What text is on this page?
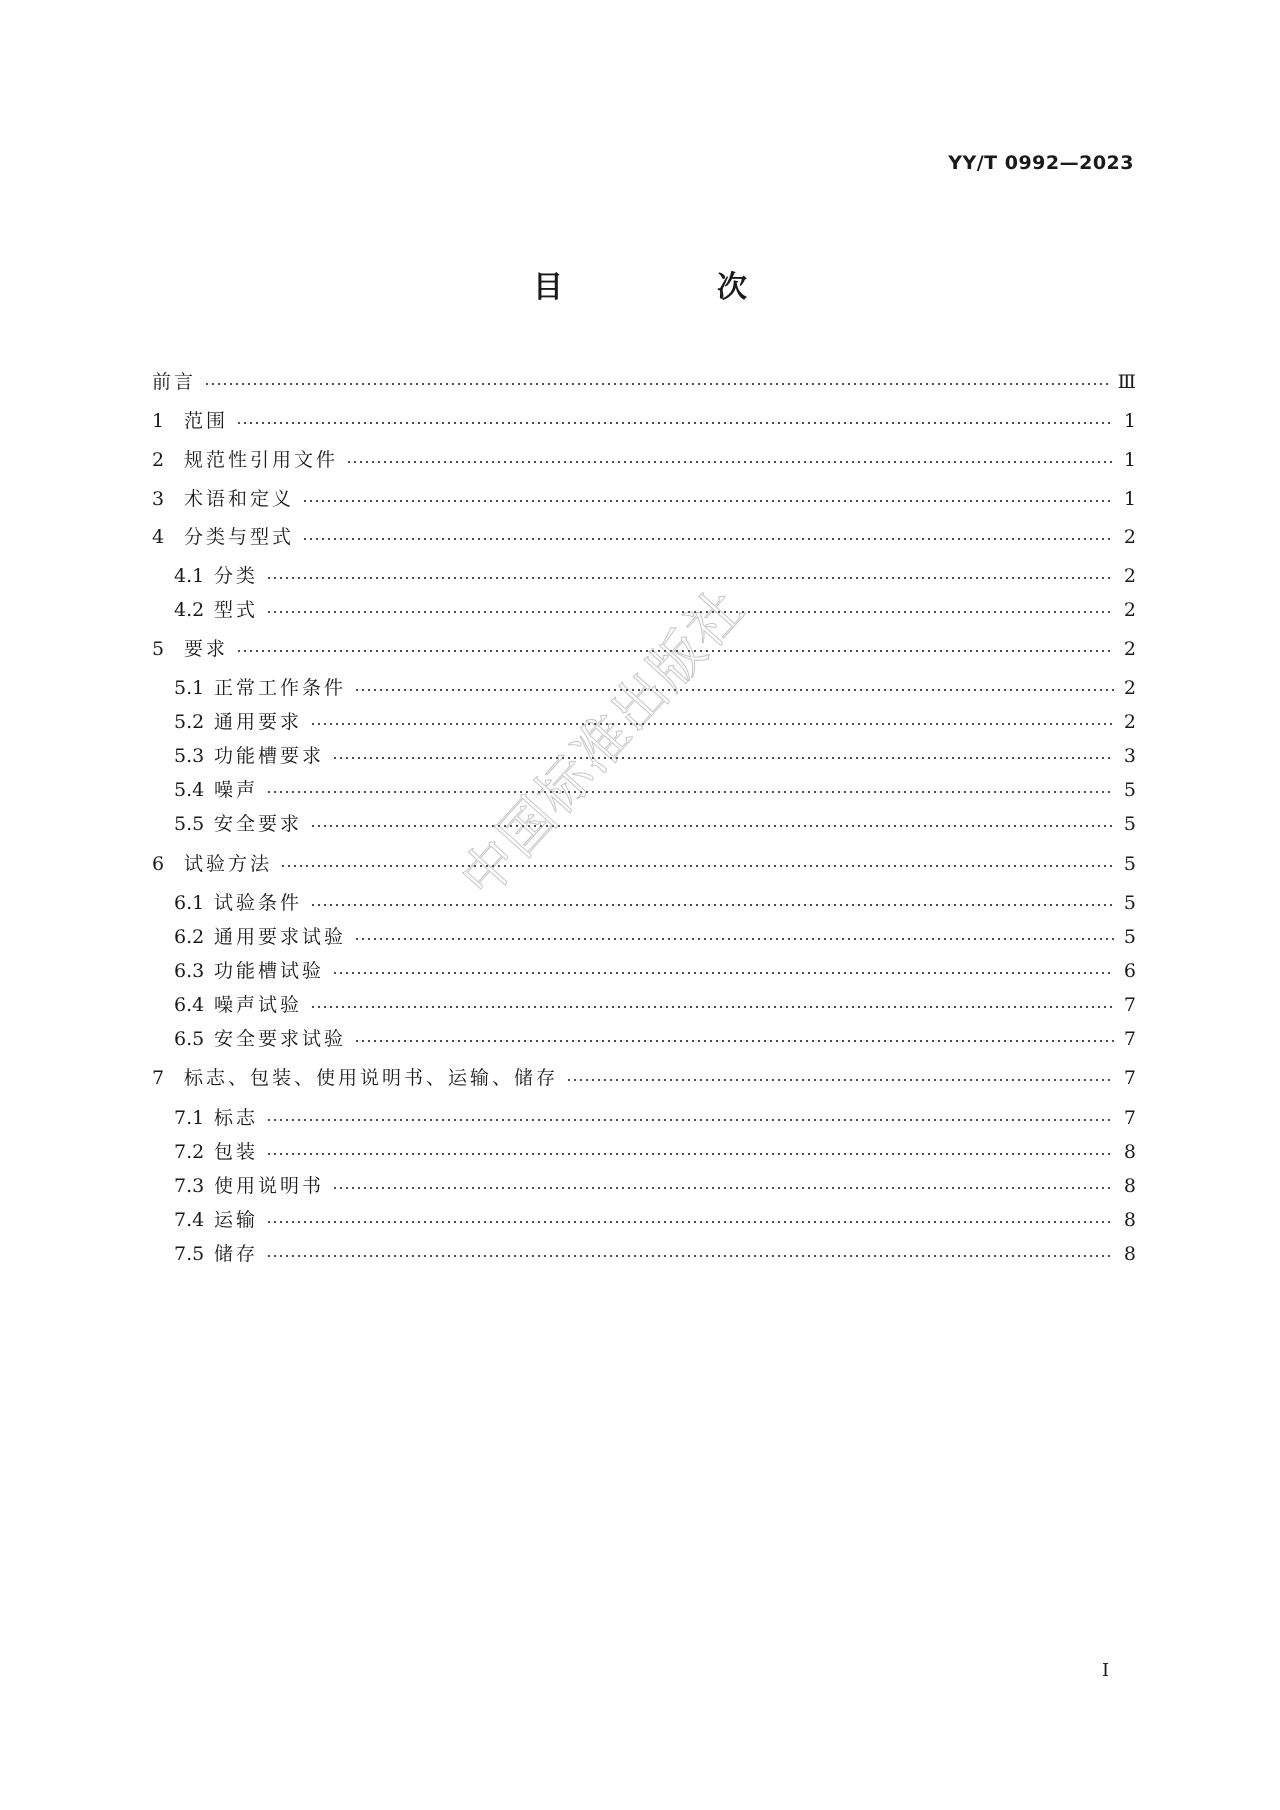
YY/T 0992—2023
目　次
前言	Ⅲ
1	范围	1
2	规范性引用文件	1
3	术语和定义	1
4	分类与型式	2
4.1 分类	2
4.2 型式	2
5	要求	2
5.1 正常工作条件	2
5.2 通用要求	2
5.3 功能槽要求	3
5.4 噪声	5
5.5 安全要求	5
6	试验方法	5
6.1 试验条件	5
6.2 通用要求试验	5
6.3 功能槽试验	6
6.4 噪声试验	7
6.5 安全要求试验	7
7	标志、包装、使用说明书、运输、储存	7
7.1 标志	7
7.2 包装	8
7.3 使用说明书	8
7.4 运输	8
7.5 储存	8
中国标准出版社
I
